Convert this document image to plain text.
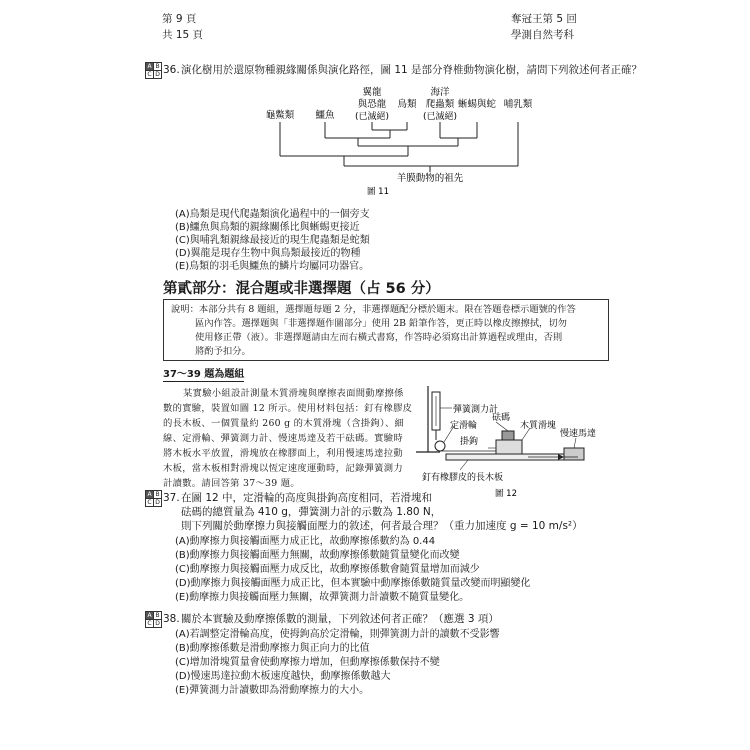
第 9 頁
共 15 頁
奪冠王第 5 回
學測自然考科
A B
C D 36. 演化樹用於還原物種親緣關係與演化路徑，圖 11 是部分脊椎動物演化樹，請問下列敘述何者正確？
龜鱉類 鱷魚
翼龍
與恐龍
(已滅絕)
鳥類
海洋
爬蟲類
(已滅絕)
蜥蜴與蛇 哺乳類
羊膜動物的祖先
圖 11
(A)鳥類是現代爬蟲類演化過程中的一個旁支
(B)鱷魚與鳥類的親緣關係比與蜥蜴更接近
(C)與哺乳類親緣最接近的現生爬蟲類是蛇類
(D)翼龍是現存生物中與鳥類最接近的物種
(E)鳥類的羽毛與鱷魚的鱗片均屬同功器官。
第貳部分：混合題或非選擇題（占 56 分）
說明：本部分共有 8 題組，選擇題每題 2 分，非選擇題配分標於題末。限在答題卷標示題號的作答
區內作答。選擇題與「非選擇題作圖部分」使用 2B 鉛筆作答，更正時以橡皮擦擦拭，切勿
使用修正帶（液）。非選擇題請由左而右橫式書寫，作答時必須寫出計算過程或理由，否則
將酌予扣分。
37～39 題為題組
某實驗小組設計測量木質滑塊與摩擦表面間動摩擦係
數的實驗，裝置如圖 12 所示。使用材料包括：釘有橡膠皮
的長木板、一個質量約 260 g 的木質滑塊（含掛鉤）、細
線、定滑輪、彈簧測力計、慢速馬達及若干砝碼。實驗時
將木板水平放置，滑塊放在橡膠面上，利用慢速馬達拉動
木板，當木板相對滑塊以恆定速度運動時，記錄彈簧測力
計讀數。請回答第 37～39 題。
彈簧測力計
定滑輪
砝碼
木質滑塊
慢速馬達
掛鉤
釘有橡膠皮的長木板
圖 12
A B
C D 37. 在圖 12 中，定滑輪的高度與掛鉤高度相同，若滑塊和
砝碼的總質量為 410 g，彈簧測力計的示數為 1.80 N，
則下列關於動摩擦力與接觸面壓力的敘述，何者最合理？（重力加速度 g = 10 m/s²）
(A)動摩擦力與接觸面壓力成正比，故動摩擦係數約為 0.44
(B)動摩擦力與接觸面壓力無關，故動摩擦係數隨質量變化而改變
(C)動摩擦力與接觸面壓力成反比，故動摩擦係數會隨質量增加而減少
(D)動摩擦力與接觸面壓力成正比，但本實驗中動摩擦係數隨質量改變而明顯變化
(E)動摩擦力與接觸面壓力無關，故彈簧測力計讀數不隨質量變化。
A B
C D 38. 關於本實驗及動摩擦係數的測量，下列敘述何者正確？（應選 3 項）
(A)若調整定滑輪高度，使拇鉤高於定滑輪，則彈簧測力計的讀數不受影響
(B)動摩擦係數是滑動摩擦力與正向力的比值
(C)增加滑塊質量會使動摩擦力增加，但動摩擦係數保持不變
(D)慢速馬達拉動木板速度越快，動摩擦係數越大
(E)彈簧測力計讀數即為滑動摩擦力的大小。
